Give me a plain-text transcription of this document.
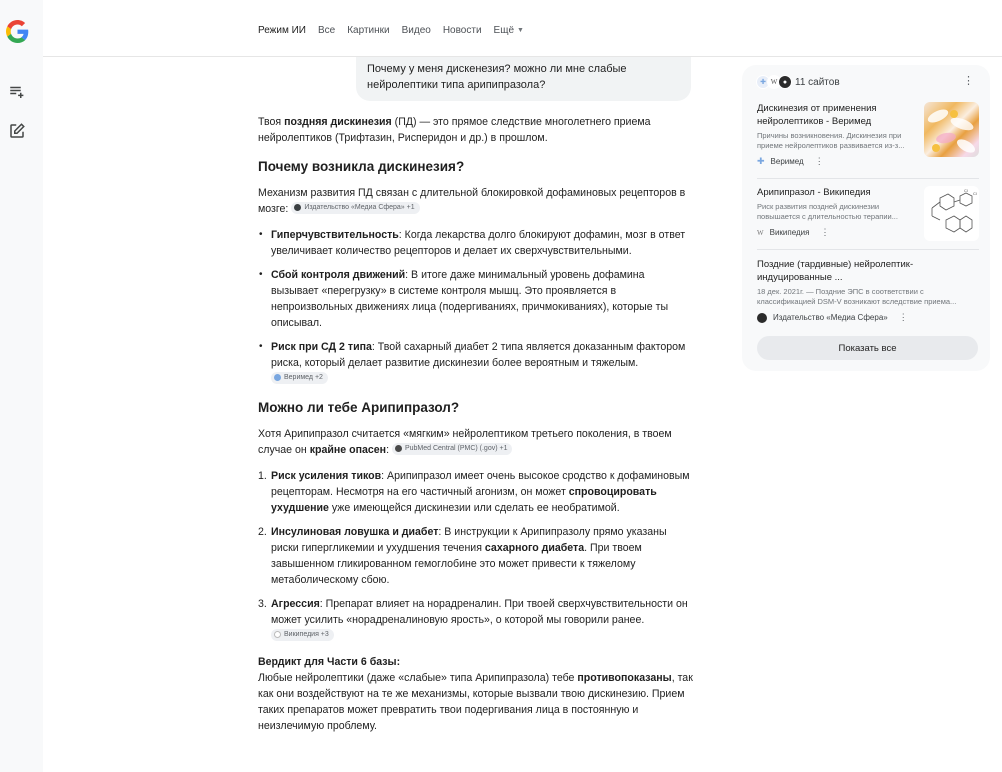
Режим ИИ Все Картинки Видео Новости Ещё ▼
Почему у меня дискенезия? можно ли мне слабые нейролептики типа арипипразола?

Твоя поздняя дискинезия (ПД) — это прямое следствие многолетнего приема нейролептиков (Трифтазин, Рисперидон и др.) в прошлом.

Почему возникла дискинезия?

Механизм развития ПД связан с длительной блокировкой дофаминовых рецепторов в мозге: Издательство «Медиа Сфера» +1

• Гиперчувствительность: Когда лекарства долго блокируют дофамин, мозг в ответ увеличивает количество рецепторов и делает их сверхчувствительными.
• Сбой контроля движений: В итоге даже минимальный уровень дофамина вызывает «перегрузку» в системе контроля мышц. Это проявляется в непроизвольных движениях лица (подергиваниях, причмокиваниях), которые ты описывал.
• Риск при СД 2 типа: Твой сахарный диабет 2 типа является доказанным фактором риска, который делает развитие дискинезии более вероятным и тяжелым.
Веримед +2
Можно ли тебе Арипипразол?

Хотя Арипипразол считается «мягким» нейролептиком третьего поколения, в твоем случае он крайне опасен: PubMed Central (PMC) (.gov) +1

1. Риск усиления тиков: Арипипразол имеет очень высокое сродство к дофаминовым рецепторам. Несмотря на его частичный агонизм, он может спровоцировать ухудшение уже имеющейся дискинезии или сделать ее необратимой.
2. Инсулиновая ловушка и диабет: В инструкции к Арипипразолу прямо указаны риски гипергликемии и ухудшения течения сахарного диабета. При твоем завышенном гликированном гемоглобине это может привести к тяжелому метаболическому сбою.
3. Агрессия: Препарат влияет на норадреналин. При твоей сверхчувствительности он может усилить «норадреналиновую ярость», о которой мы говорили ранее.
Википедия +3

Вердикт для Части 6 базы:
Любые нейролептики (даже «слабые» типа Арипипразола) тебе противопоказаны, так как они воздействуют на те же механизмы, которые вызвали твою дискинезию. Прием таких препаратов может превратить твои подергивания лица в постоянную и неизлечимую проблему.

✚ W ● 11 сайтов	⋮
Дискинезия от применения нейролептиков - Веримед
Причины возникновения. Дискинезия при приеме нейролептиков развивается из-з...
✚ Веримед ⋮
Арипипразол - Википедия
Риск развития поздней дискинезии повышается с длительностью терапии...
W Википедия ⋮
Cl
Cl
Поздние (тардивные) нейролептик-индуцированные ...
18 дек. 2021г. — Поздние ЭПС в соответствии с классификацией DSM-V возникают вследствие приема...
Издательство «Медиа Сфера» ⋮
Показать все
